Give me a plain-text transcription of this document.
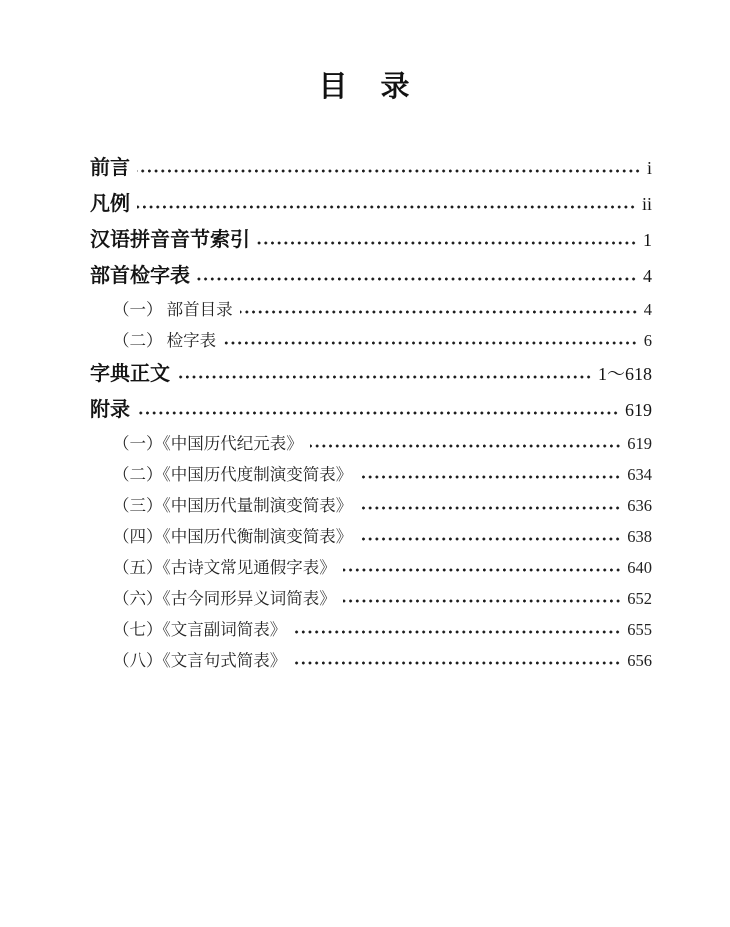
目　录
前言	i
凡例	ii
汉语拼音音节索引	1
部首检字表	4
（一） 部首目录	4
（二） 检字表	6
字典正文	1～618
附录	619
（一）《中国历代纪元表》	619
（二）《中国历代度制演变简表》	634
（三）《中国历代量制演变简表》	636
（四）《中国历代衡制演变简表》	638
（五）《古诗文常见通假字表》	640
（六）《古今同形异义词简表》	652
（七）《文言副词简表》	655
（八）《文言句式简表》	656
